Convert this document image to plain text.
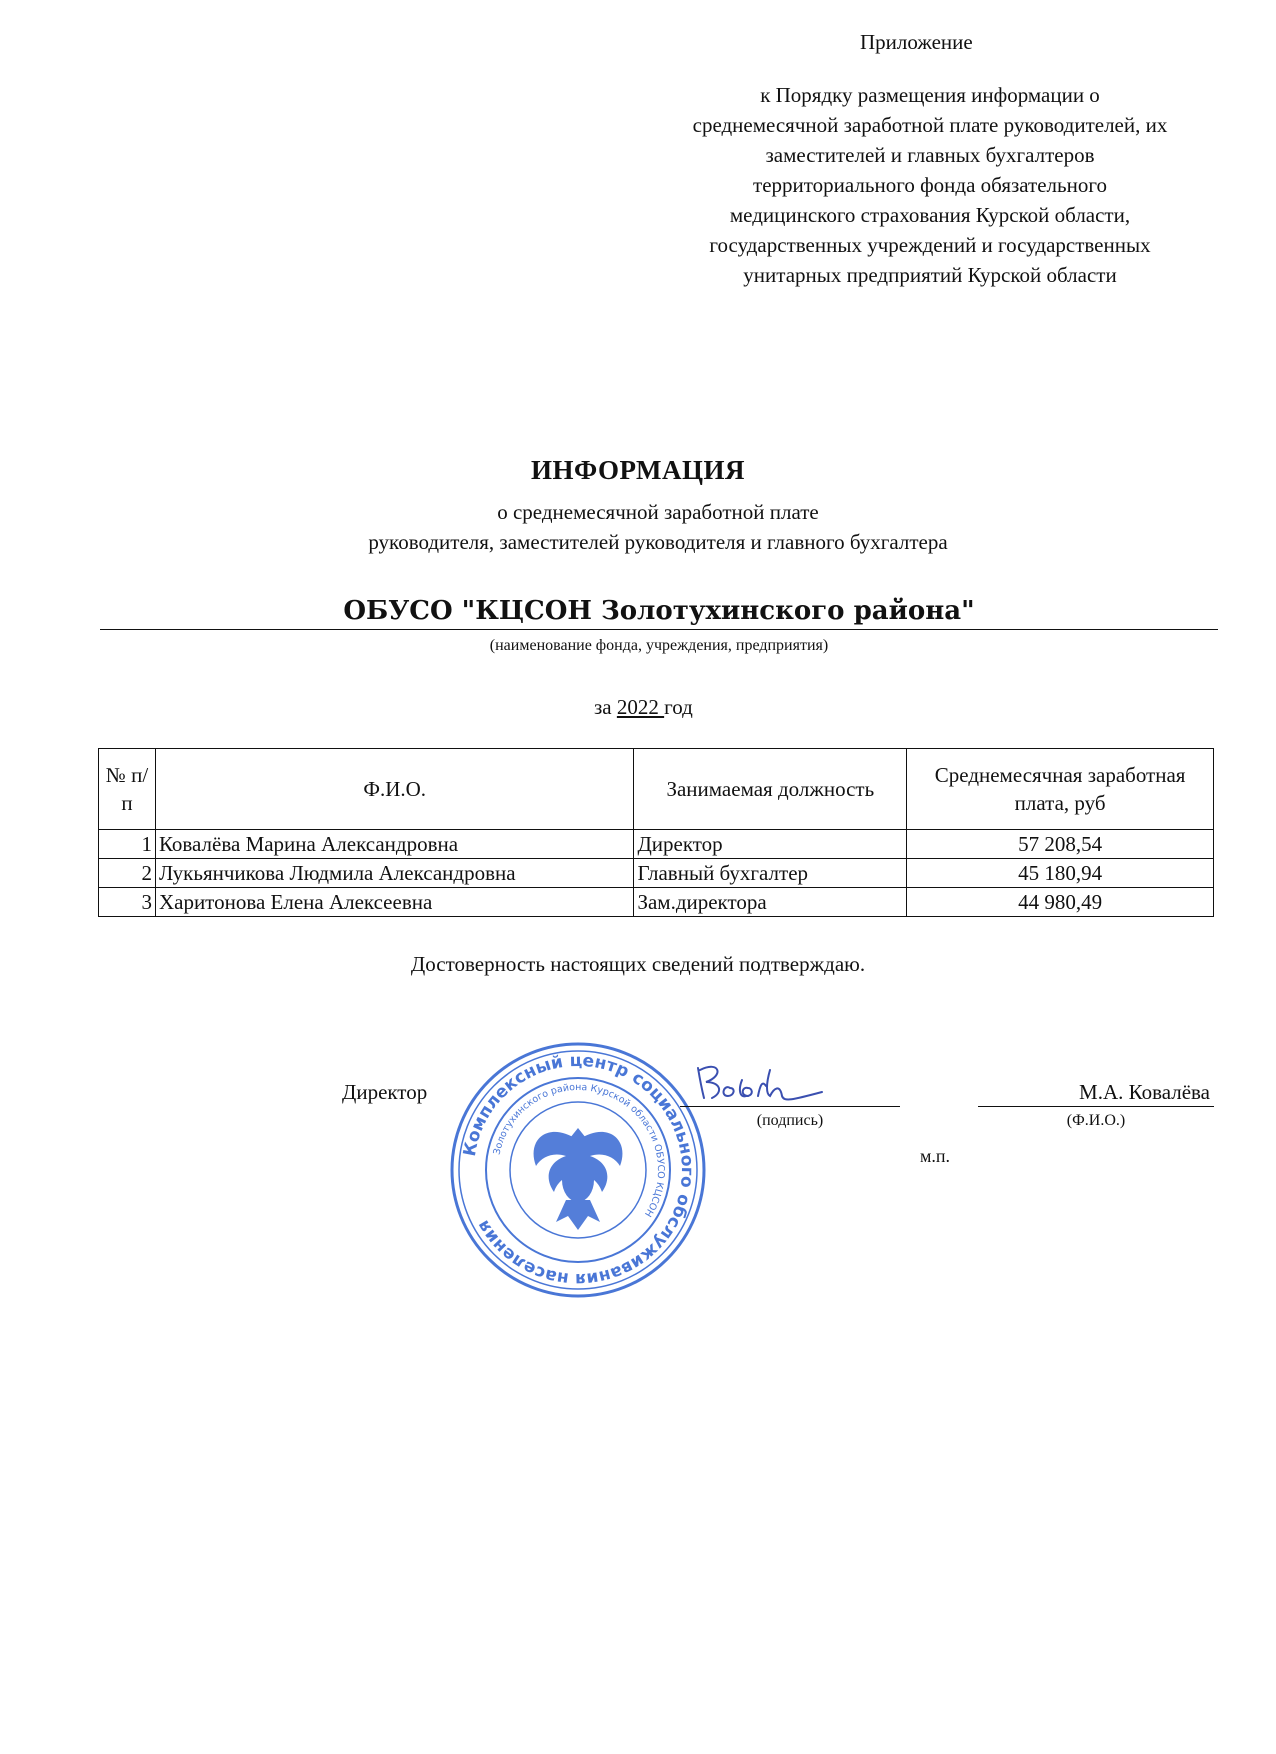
Приложение
к Порядку размещения информации о
среднемесячной заработной плате руководителей, их
заместителей и главных бухгалтеров
территориального фонда обязательного
медицинского страхования Курской области,
государственных учреждений и государственных
унитарных предприятий Курской области
ИНФОРМАЦИЯ
о среднемесячной заработной плате
руководителя, заместителей руководителя и главного бухгалтера
ОБУСО "КЦСОН Золотухинского района"
(наименование фонда, учреждения, предприятия)
за 2022 год
№ п/п	Ф.И.О.	Занимаемая должность	Среднемесячная заработная плата, руб
1	Ковалёва Марина Александровна	Директор	57 208,54
2	Лукьянчикова Людмила Александровна	Главный бухгалтер	45 180,94
3	Харитонова Елена Алексеевна	Зам.директора	44 980,49
Достоверность настоящих сведений подтверждаю.
Комплексный центр социального обслуживания населения
Золотухинского района Курской области ОБУСО КЦСОН
Директор
(подпись)
М.А. Ковалёва
(Ф.И.О.)
м.п.
